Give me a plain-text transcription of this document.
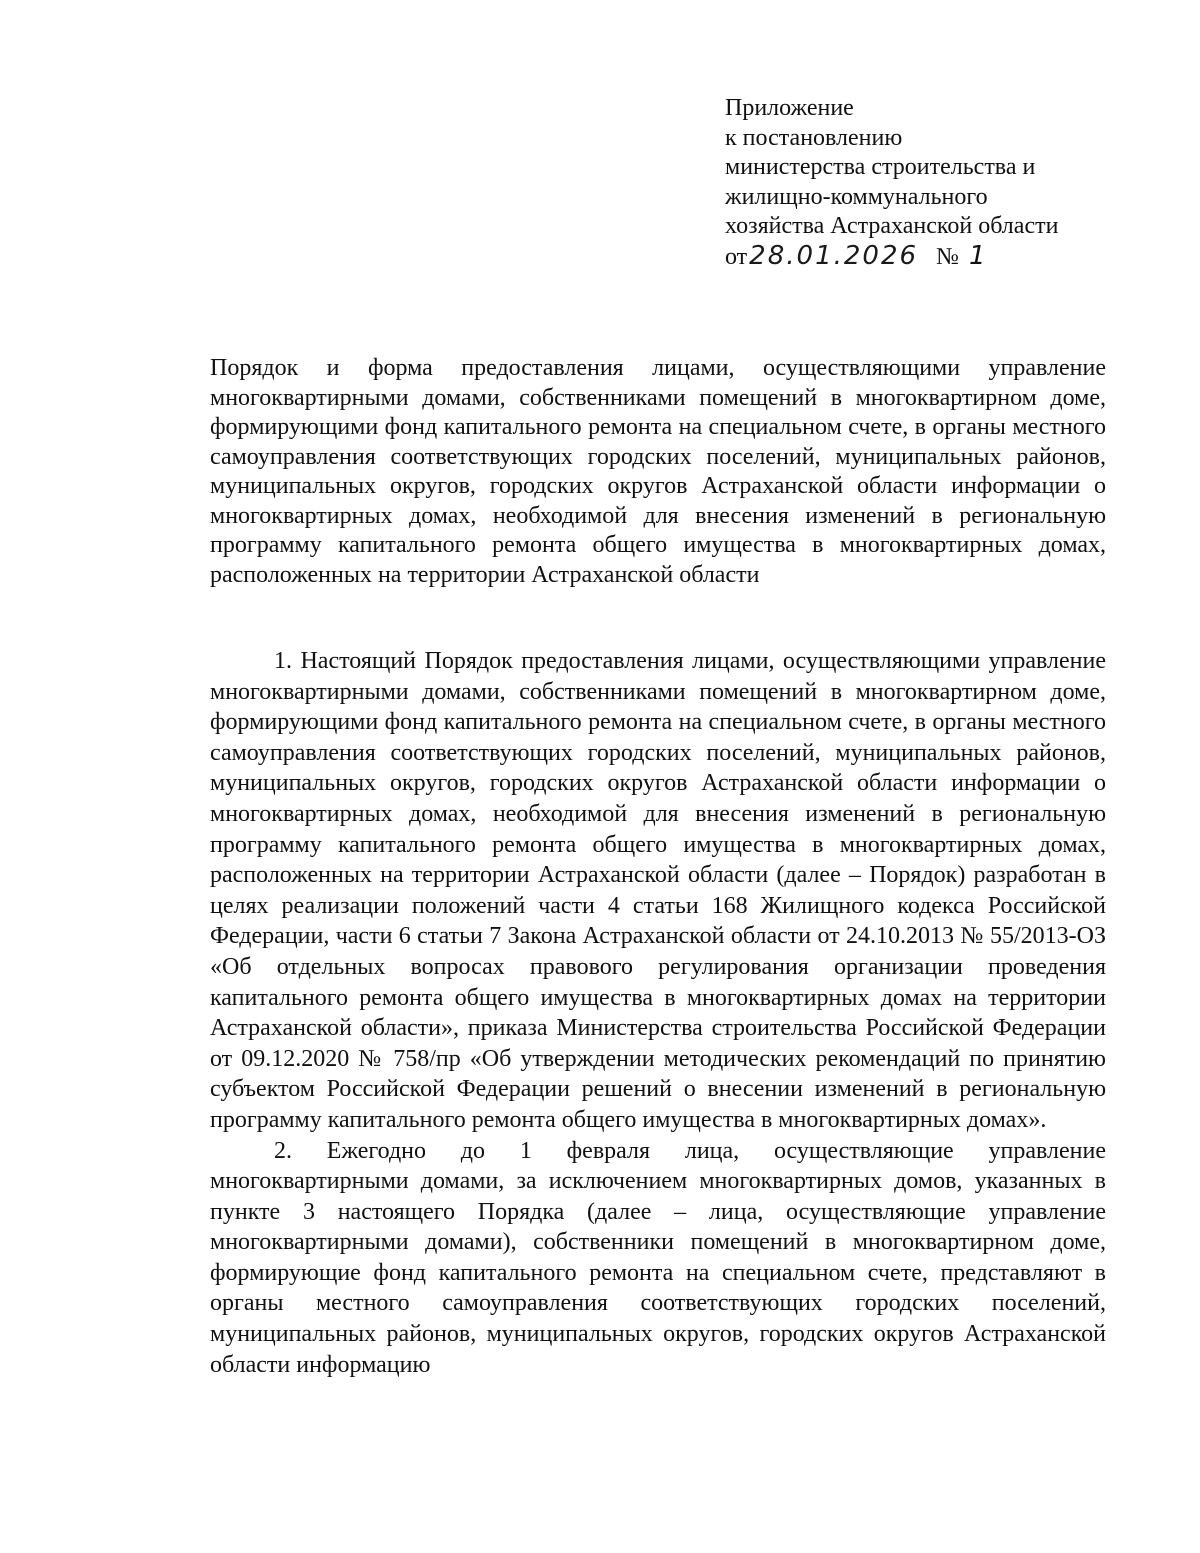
Приложение
к постановлению
министерства строительства и
жилищно-коммунального
хозяйства Астраханской области
от28.01.2026 № 1

Порядок и форма предоставления лицами, осуществляющими управление многоквартирными домами, собственниками помещений в многоквартирном доме, формирующими фонд капитального ремонта на специальном счете, в органы местного самоуправления соответствующих городских поселений, муниципальных районов, муниципальных округов, городских округов Астраханской области информации о многоквартирных домах, необходимой для внесения изменений в региональную программу капитального ремонта общего имущества в многоквартирных домах, расположенных на территории Астраханской области

1. Настоящий Порядок предоставления лицами, осуществляющими управление многоквартирными домами, собственниками помещений в многоквартирном доме, формирующими фонд капитального ремонта на специальном счете, в органы местного самоуправления соответствующих городских поселений, муниципальных районов, муниципальных округов, городских округов Астраханской области информации о многоквартирных домах, необходимой для внесения изменений в региональную программу капитального ремонта общего имущества в многоквартирных домах, расположенных на территории Астраханской области (далее – Порядок) разработан в целях реализации положений части 4 статьи 168 Жилищного кодекса Российской Федерации, части 6 статьи 7 Закона Астраханской области от 24.10.2013 № 55/2013-ОЗ «Об отдельных вопросах правового регулирования организации проведения капитального ремонта общего имущества в многоквартирных домах на территории Астраханской области», приказа Министерства строительства Российской Федерации от 09.12.2020 № 758/пр «Об утверждении методических рекомендаций по принятию субъектом Российской Федерации решений о внесении изменений в региональную программу капитального ремонта общего имущества в многоквартирных домах».

2. Ежегодно до 1 февраля лица, осуществляющие управление многоквартирными домами, за исключением многоквартирных домов, указанных в пункте 3 настоящего Порядка (далее – лица, осуществляющие управление многоквартирными домами), собственники помещений в многоквартирном доме, формирующие фонд капитального ремонта на специальном счете, представляют в органы местного самоуправления соответствующих городских поселений, муниципальных районов, муниципальных округов, городских округов Астраханской области информацию
